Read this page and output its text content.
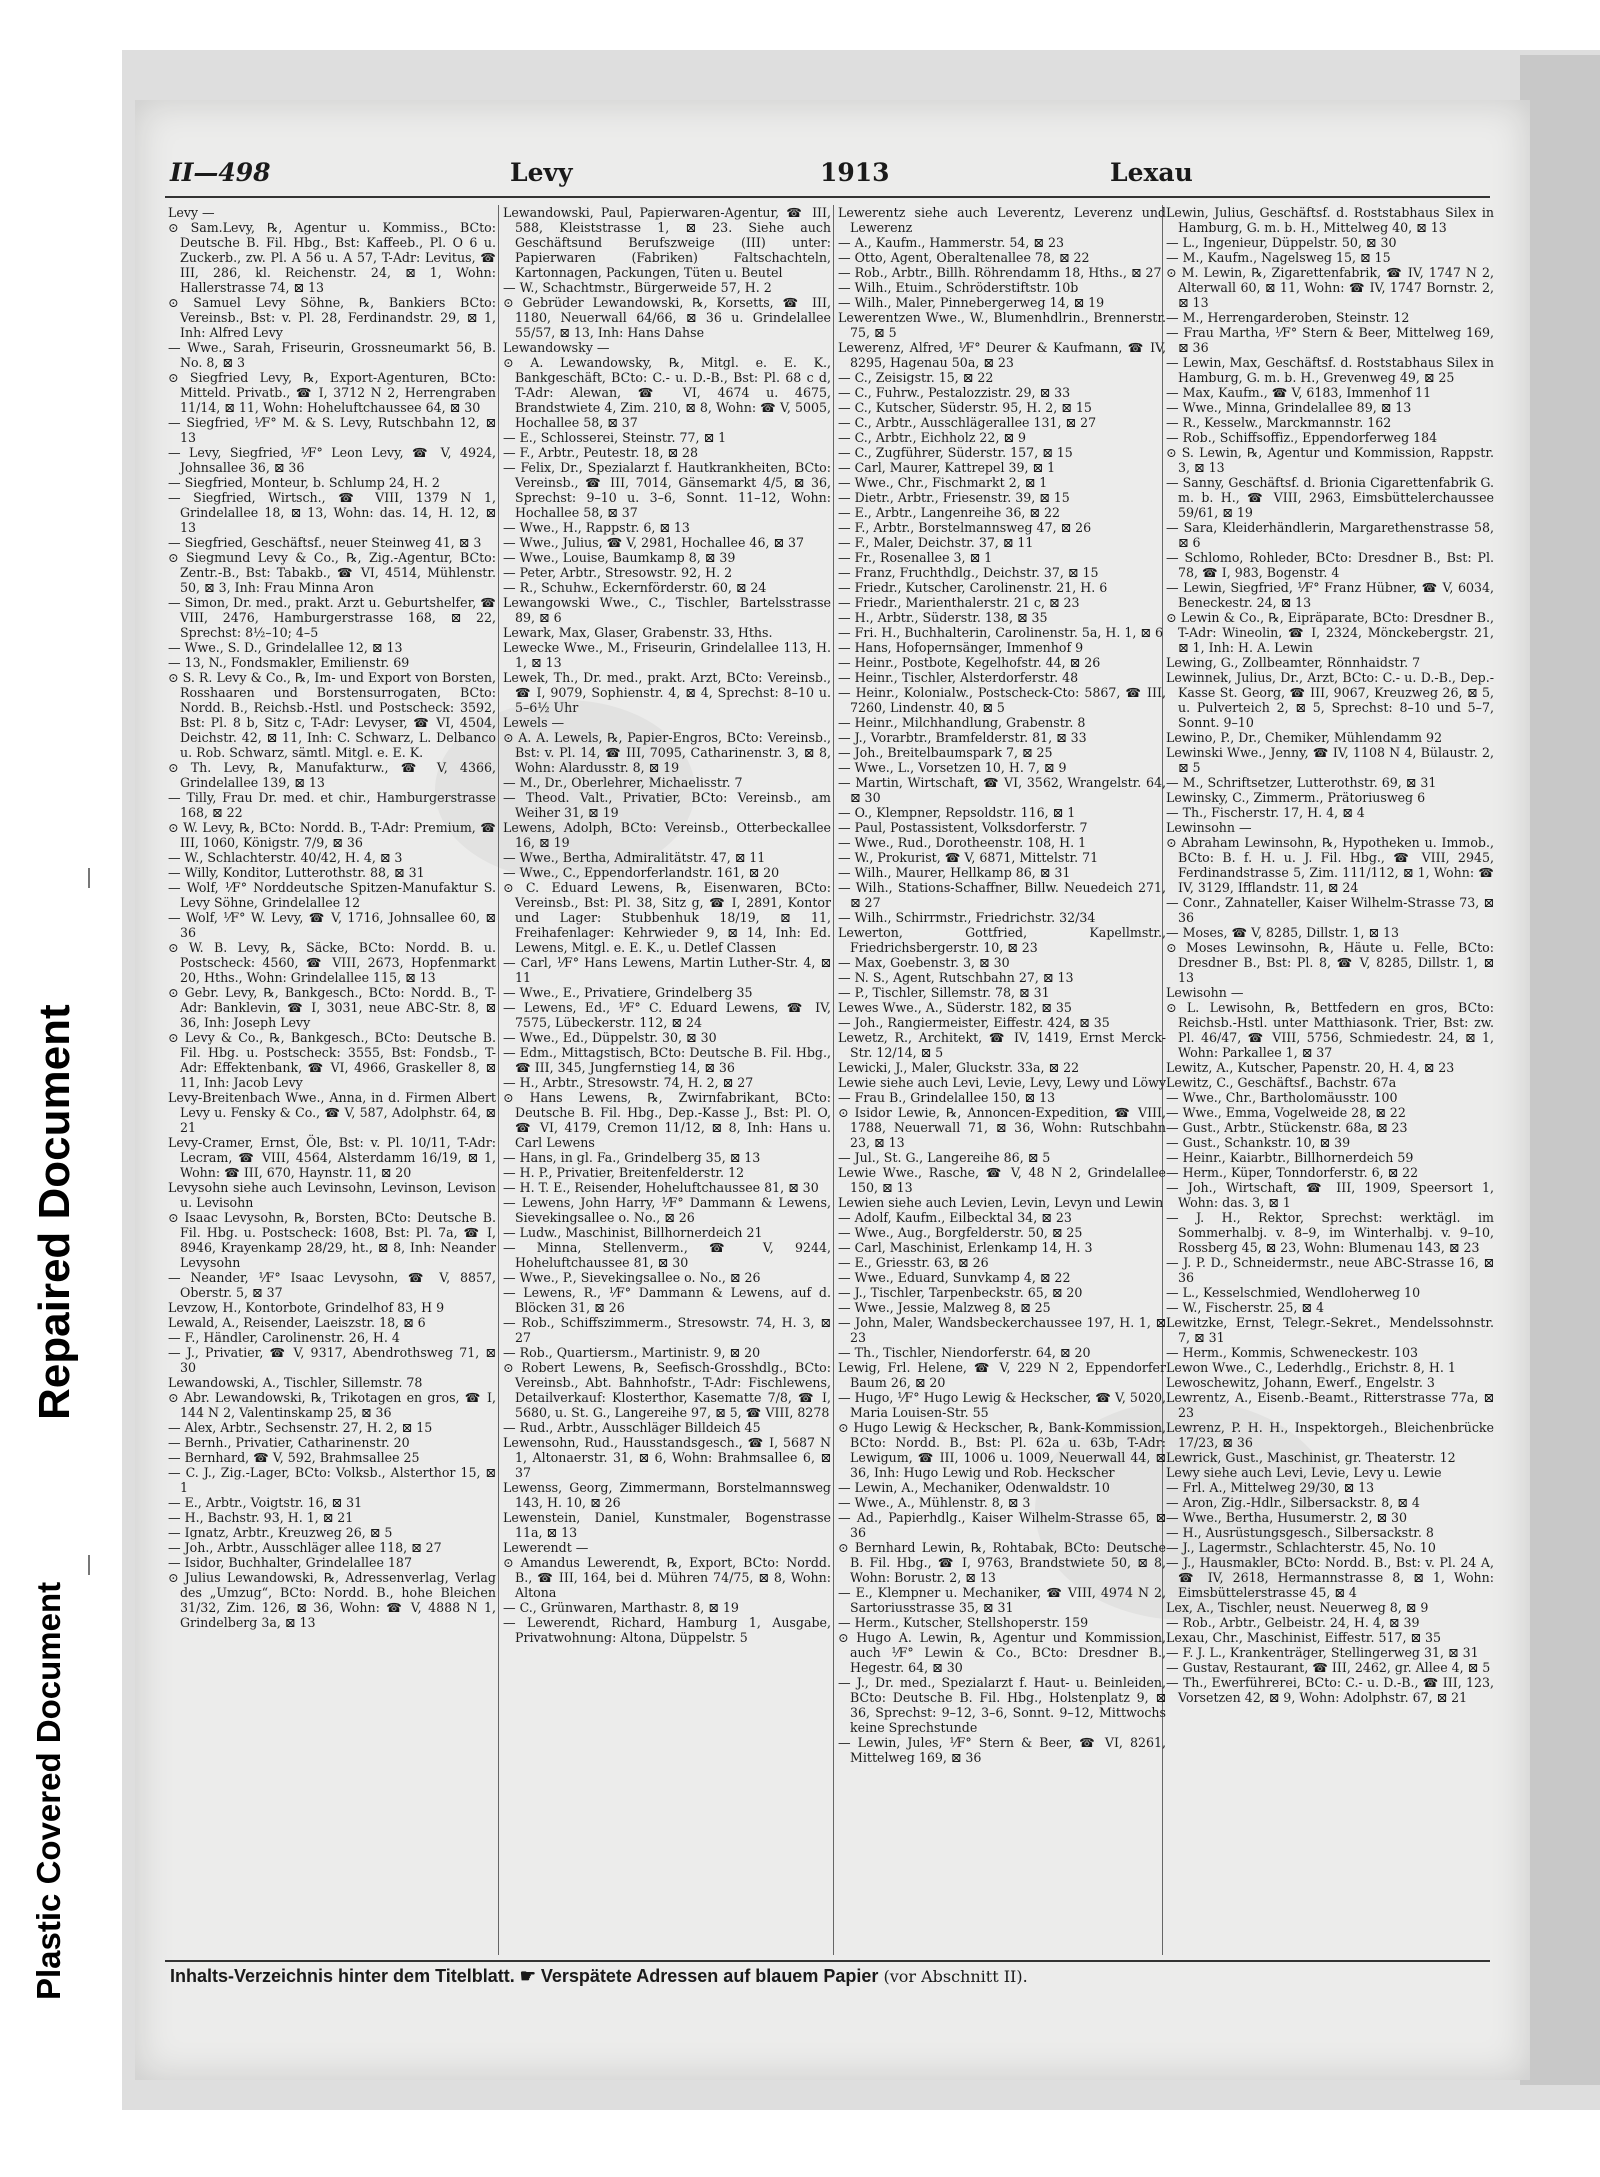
Repaired Document
Plastic Covered Document
II—498	Levy	1913	Lexau

Levy —

⊙ Sam.Levy, ℞, Agentur u. Kommiss., BCto: Deutsche B. Fil. Hbg., Bst: Kaffeeb., Pl. O 6 u. Zuckerb., zw. Pl. A 56 u. A 57, T-Adr: Levitus, ☎ III, 286, kl. Reichenstr. 24, ⊠ 1, Wohn: Hallerstrasse 74, ⊠ 13

⊙ Samuel Levy Söhne, ℞, Bankiers BCto: Vereinsb., Bst: v. Pl. 28, Ferdinandstr. 29, ⊠ 1, Inh: Alfred Levy

— Wwe., Sarah, Friseurin, Grossneumarkt 56, B. No. 8, ⊠ 3

⊙ Siegfried Levy, ℞, Export-Agenturen, BCto: Mitteld. Privatb., ☎ I, 3712 N 2, Herrengraben 11/14, ⊠ 11, Wohn: Hoheluftchaussee 64, ⊠ 30

— Siegfried, ⅟F° M. & S. Levy, Rutschbahn 12, ⊠ 13

— Levy, Siegfried, ⅟F° Leon Levy, ☎ V, 4924, Johnsallee 36, ⊠ 36

— Siegfried, Monteur, b. Schlump 24, H. 2

— Siegfried, Wirtsch., ☎ VIII, 1379 N 1, Grindelallee 18, ⊠ 13, Wohn: das. 14, H. 12, ⊠ 13

— Siegfried, Geschäftsf., neuer Steinweg 41, ⊠ 3

⊙ Siegmund Levy & Co., ℞, Zig.-Agentur, BCto: Zentr.-B., Bst: Tabakb., ☎ VI, 4514, Mühlenstr. 50, ⊠ 3, Inh: Frau Minna Aron

— Simon, Dr. med., prakt. Arzt u. Geburtshelfer, ☎ VIII, 2476, Hamburgerstrasse 168, ⊠ 22, Sprechst: 8½–10; 4–5

— Wwe., S. D., Grindelallee 12, ⊠ 13

— 13, N., Fondsmakler, Emilienstr. 69

⊙ S. R. Levy & Co., ℞, Im- und Export von Borsten, Rosshaaren und Borstensurrogaten, BCto: Nordd. B., Reichsb.-Hstl. und Postscheck: 3592, Bst: Pl. 8 b, Sitz c, T-Adr: Levyser, ☎ VI, 4504, Deichstr. 42, ⊠ 11, Inh: C. Schwarz, L. Delbanco u. Rob. Schwarz, sämtl. Mitgl. e. E. K.

⊙ Th. Levy, ℞, Manufakturw., ☎ V, 4366, Grindelallee 139, ⊠ 13

— Tilly, Frau Dr. med. et chir., Hamburgerstrasse 168, ⊠ 22

⊙ W. Levy, ℞, BCto: Nordd. B., T-Adr: Premium, ☎ III, 1060, Königstr. 7/9, ⊠ 36

— W., Schlachterstr. 40/42, H. 4, ⊠ 3

— Willy, Konditor, Lutterothstr. 88, ⊠ 31

— Wolf, ⅟F° Norddeutsche Spitzen-Manufaktur S. Levy Söhne, Grindelallee 12

— Wolf, ⅟F° W. Levy, ☎ V, 1716, Johnsallee 60, ⊠ 36

⊙ W. B. Levy, ℞, Säcke, BCto: Nordd. B. u. Postscheck: 4560, ☎ VIII, 2673, Hopfenmarkt 20, Hths., Wohn: Grindelallee 115, ⊠ 13

⊙ Gebr. Levy, ℞, Bankgesch., BCto: Nordd. B., T-Adr: Banklevin, ☎ I, 3031, neue ABC-Str. 8, ⊠ 36, Inh: Joseph Levy

⊙ Levy & Co., ℞, Bankgesch., BCto: Deutsche B. Fil. Hbg. u. Postscheck: 3555, Bst: Fondsb., T-Adr: Effektenbank, ☎ VI, 4966, Graskeller 8, ⊠ 11, Inh: Jacob Levy

Levy-Breitenbach Wwe., Anna, in d. Firmen Albert Levy u. Fensky & Co., ☎ V, 587, Adolphstr. 64, ⊠ 21

Levy-Cramer, Ernst, Öle, Bst: v. Pl. 10/11, T-Adr: Lecram, ☎ VIII, 4564, Alsterdamm 16/19, ⊠ 1, Wohn: ☎ III, 670, Haynstr. 11, ⊠ 20

Levysohn siehe auch Levinsohn, Levinson, Levison u. Levisohn

⊙ Isaac Levysohn, ℞, Borsten, BCto: Deutsche B. Fil. Hbg. u. Postscheck: 1608, Bst: Pl. 7a, ☎ I, 8946, Krayenkamp 28/29, ht., ⊠ 8, Inh: Neander Levysohn

— Neander, ⅟F° Isaac Levysohn, ☎ V, 8857, Oberstr. 5, ⊠ 37

Levzow, H., Kontorbote, Grindelhof 83, H 9

Lewald, A., Reisender, Laeiszstr. 18, ⊠ 6

— F., Händler, Carolinenstr. 26, H. 4

— J., Privatier, ☎ V, 9317, Abendrothsweg 71, ⊠ 30

Lewandowski, A., Tischler, Sillemstr. 78

⊙ Abr. Lewandowski, ℞, Trikotagen en gros, ☎ I, 144 N 2, Valentinskamp 25, ⊠ 36

— Alex, Arbtr., Sechsenstr. 27, H. 2, ⊠ 15

— Bernh., Privatier, Catharinenstr. 20

— Bernhard, ☎ V, 592, Brahmsallee 25

— C. J., Zig.-Lager, BCto: Volksb., Alsterthor 15, ⊠ 1

— E., Arbtr., Voigtstr. 16, ⊠ 31

— H., Bachstr. 93, H. 1, ⊠ 21

— Ignatz, Arbtr., Kreuzweg 26, ⊠ 5

— Joh., Arbtr., Ausschläger allee 118, ⊠ 27

— Isidor, Buchhalter, Grindelallee 187

⊙ Julius Lewandowski, ℞, Adressenverlag, Verlag des „Umzug“, BCto: Nordd. B., hohe Bleichen 31/32, Zim. 126, ⊠ 36, Wohn: ☎ V, 4888 N 1, Grindelberg 3a, ⊠ 13

Lewandowski, Paul, Papierwaren-Agentur, ☎ III, 588, Kleiststrasse 1, ⊠ 23. Siehe auch Geschäftsund Berufszweige (III) unter: Papierwaren (Fabriken) Faltschachteln, Kartonnagen, Packungen, Tüten u. Beutel

— W., Schachtmstr., Bürgerweide 57, H. 2

⊙ Gebrüder Lewandowski, ℞, Korsetts, ☎ III, 1180, Neuerwall 64/66, ⊠ 36 u. Grindelallee 55/57, ⊠ 13, Inh: Hans Dahse

Lewandowsky —

⊙ A. Lewandowsky, ℞, Mitgl. e. E. K., Bankgeschäft, BCto: C.- u. D.-B., Bst: Pl. 68 c d, T-Adr: Alewan, ☎ VI, 4674 u. 4675, Brandstwiete 4, Zim. 210, ⊠ 8, Wohn: ☎ V, 5005, Hochallee 58, ⊠ 37

— E., Schlosserei, Steinstr. 77, ⊠ 1

— F., Arbtr., Peutestr. 18, ⊠ 28

— Felix, Dr., Spezialarzt f. Hautkrankheiten, BCto: Vereinsb., ☎ III, 7014, Gänsemarkt 4/5, ⊠ 36, Sprechst: 9–10 u. 3–6, Sonnt. 11–12, Wohn: Hochallee 58, ⊠ 37

— Wwe., H., Rappstr. 6, ⊠ 13

— Wwe., Julius, ☎ V, 2981, Hochallee 46, ⊠ 37

— Wwe., Louise, Baumkamp 8, ⊠ 39

— Peter, Arbtr., Stresowstr. 92, H. 2

— R., Schuhw., Eckernförderstr. 60, ⊠ 24

Lewangowski Wwe., C., Tischler, Bartelsstrasse 89, ⊠ 6

Lewark, Max, Glaser, Grabenstr. 33, Hths.

Lewecke Wwe., M., Friseurin, Grindelallee 113, H. 1, ⊠ 13

Lewek, Th., Dr. med., prakt. Arzt, BCto: Vereinsb., ☎ I, 9079, Sophienstr. 4, ⊠ 4, Sprechst: 8–10 u. 5–6½ Uhr

Lewels —

⊙ A. A. Lewels, ℞, Papier-Engros, BCto: Vereinsb., Bst: v. Pl. 14, ☎ III, 7095, Catharinenstr. 3, ⊠ 8, Wohn: Alardusstr. 8, ⊠ 19

— M., Dr., Oberlehrer, Michaelisstr. 7

— Theod. Valt., Privatier, BCto: Vereinsb., am Weiher 31, ⊠ 19

Lewens, Adolph, BCto: Vereinsb., Otterbeckallee 16, ⊠ 19

— Wwe., Bertha, Admiralitätstr. 47, ⊠ 11

— Wwe., C., Eppendorferlandstr. 161, ⊠ 20

⊙ C. Eduard Lewens, ℞, Eisenwaren, BCto: Vereinsb., Bst: Pl. 38, Sitz g, ☎ I, 2891, Kontor und Lager: Stubbenhuk 18/19, ⊠ 11, Freihafenlager: Kehrwieder 9, ⊠ 14, Inh: Ed. Lewens, Mitgl. e. E. K., u. Detlef Classen

— Carl, ⅟F° Hans Lewens, Martin Luther-Str. 4, ⊠ 11

— Wwe., E., Privatiere, Grindelberg 35

— Lewens, Ed., ⅟F° C. Eduard Lewens, ☎ IV, 7575, Lübeckerstr. 112, ⊠ 24

— Wwe., Ed., Düppelstr. 30, ⊠ 30

— Edm., Mittagstisch, BCto: Deutsche B. Fil. Hbg., ☎ III, 345, Jungfernstieg 14, ⊠ 36

— H., Arbtr., Stresowstr. 74, H. 2, ⊠ 27

⊙ Hans Lewens, ℞, Zwirnfabrikant, BCto: Deutsche B. Fil. Hbg., Dep.-Kasse J., Bst: Pl. O, ☎ VI, 4179, Cremon 11/12, ⊠ 8, Inh: Hans u. Carl Lewens

— Hans, in gl. Fa., Grindelberg 35, ⊠ 13

— H. P., Privatier, Breitenfelderstr. 12

— H. T. E., Reisender, Hoheluftchaussee 81, ⊠ 30

— Lewens, John Harry, ⅟F° Dammann & Lewens, Sievekingsallee o. No., ⊠ 26

— Ludw., Maschinist, Billhornerdeich 21

— Minna, Stellenverm., ☎ V, 9244, Hoheluftchaussee 81, ⊠ 30

— Wwe., P., Sievekingsallee o. No., ⊠ 26

— Lewens, R., ⅟F° Dammann & Lewens, auf d. Blöcken 31, ⊠ 26

— Rob., Schiffszimmerm., Stresowstr. 74, H. 3, ⊠ 27

— Rob., Quartiersm., Martinistr. 9, ⊠ 20

⊙ Robert Lewens, ℞, Seefisch-Grosshdlg., BCto: Vereinsb., Abt. Bahnhofstr., T-Adr: Fischlewens, Detailverkauf: Klosterthor, Kasematte 7/8, ☎ I, 5680, u. St. G., Langereihe 97, ⊠ 5, ☎ VIII, 8278

— Rud., Arbtr., Ausschläger Billdeich 45

Lewensohn, Rud., Hausstandsgesch., ☎ I, 5687 N 1, Altonaerstr. 31, ⊠ 6, Wohn: Brahmsallee 6, ⊠ 37

Lewenss, Georg, Zimmermann, Borstelmannsweg 143, H. 10, ⊠ 26

Lewenstein, Daniel, Kunstmaler, Bogenstrasse 11a, ⊠ 13

Lewerendt —

⊙ Amandus Lewerendt, ℞, Export, BCto: Nordd. B., ☎ III, 164, bei d. Mühren 74/75, ⊠ 8, Wohn: Altona

— C., Grünwaren, Marthastr. 8, ⊠ 19

— Lewerendt, Richard, Hamburg 1, Ausgabe, Privatwohnung: Altona, Düppelstr. 5

Lewerentz siehe auch Leverentz, Leverenz und Lewerenz

— A., Kaufm., Hammerstr. 54, ⊠ 23

— Otto, Agent, Oberaltenallee 78, ⊠ 22

— Rob., Arbtr., Billh. Röhrendamm 18, Hths., ⊠ 27

— Wilh., Etuim., Schröderstiftstr. 10b

— Wilh., Maler, Pinnebergerweg 14, ⊠ 19

Lewerentzen Wwe., W., Blumenhdlrin., Brennerstr. 75, ⊠ 5

Lewerenz, Alfred, ⅟F° Deurer & Kaufmann, ☎ IV, 8295, Hagenau 50a, ⊠ 23

— C., Zeisigstr. 15, ⊠ 22

— C., Fuhrw., Pestalozzistr. 29, ⊠ 33

— C., Kutscher, Süderstr. 95, H. 2, ⊠ 15

— C., Arbtr., Ausschlägerallee 131, ⊠ 27

— C., Arbtr., Eichholz 22, ⊠ 9

— C., Zugführer, Süderstr. 157, ⊠ 15

— Carl, Maurer, Kattrepel 39, ⊠ 1

— Wwe., Chr., Fischmarkt 2, ⊠ 1

— Dietr., Arbtr., Friesenstr. 39, ⊠ 15

— E., Arbtr., Langenreihe 36, ⊠ 22

— F., Arbtr., Borstelmannsweg 47, ⊠ 26

— F., Maler, Deichstr. 37, ⊠ 11

— Fr., Rosenallee 3, ⊠ 1

— Franz, Fruchthdlg., Deichstr. 37, ⊠ 15

— Friedr., Kutscher, Carolinenstr. 21, H. 6

— Friedr., Marienthalerstr. 21 c, ⊠ 23

— H., Arbtr., Süderstr. 138, ⊠ 35

— Fri. H., Buchhalterin, Carolinenstr. 5a, H. 1, ⊠ 6

— Hans, Hofopernsänger, Immenhof 9

— Heinr., Postbote, Kegelhofstr. 44, ⊠ 26

— Heinr., Tischler, Alsterdorferstr. 48

— Heinr., Kolonialw., Postscheck-Cto: 5867, ☎ III, 7260, Lindenstr. 40, ⊠ 5

— Heinr., Milchhandlung, Grabenstr. 8

— J., Vorarbtr., Bramfelderstr. 81, ⊠ 33

— Joh., Breitelbaumspark 7, ⊠ 25

— Wwe., L., Vorsetzen 10, H. 7, ⊠ 9

— Martin, Wirtschaft, ☎ VI, 3562, Wrangelstr. 64, ⊠ 30

— O., Klempner, Repsoldstr. 116, ⊠ 1

— Paul, Postassistent, Volksdorferstr. 7

— Wwe., Rud., Dorotheenstr. 108, H. 1

— W., Prokurist, ☎ V, 6871, Mittelstr. 71

— Wilh., Maurer, Hellkamp 86, ⊠ 31

— Wilh., Stations-Schaffner, Billw. Neuedeich 271, ⊠ 27

— Wilh., Schirrmstr., Friedrichstr. 32/34

Lewerton, Gottfried, Kapellmstr., Friedrichsbergerstr. 10, ⊠ 23

— Max, Goebenstr. 3, ⊠ 30

— N. S., Agent, Rutschbahn 27, ⊠ 13

— P., Tischler, Sillemstr. 78, ⊠ 31

Lewes Wwe., A., Süderstr. 182, ⊠ 35

— Joh., Rangiermeister, Eiffestr. 424, ⊠ 35

Lewetz, R., Architekt, ☎ IV, 1419, Ernst Merck-Str. 12/14, ⊠ 5

Lewicki, J., Maler, Gluckstr. 33a, ⊠ 22

Lewie siehe auch Levi, Levie, Levy, Lewy und Löwy

— Frau B., Grindelallee 150, ⊠ 13

⊙ Isidor Lewie, ℞, Annoncen-Expedition, ☎ VIII, 1788, Neuerwall 71, ⊠ 36, Wohn: Rutschbahn 23, ⊠ 13

— Jul., St. G., Langereihe 86, ⊠ 5

Lewie Wwe., Rasche, ☎ V, 48 N 2, Grindelallee 150, ⊠ 13

Lewien siehe auch Levien, Levin, Levyn und Lewin

— Adolf, Kaufm., Eilbecktal 34, ⊠ 23

— Wwe., Aug., Borgfelderstr. 50, ⊠ 25

— Carl, Maschinist, Erlenkamp 14, H. 3

— E., Griesstr. 63, ⊠ 26

— Wwe., Eduard, Sunvkamp 4, ⊠ 22

— J., Tischler, Tarpenbeckstr. 65, ⊠ 20

— Wwe., Jessie, Malzweg 8, ⊠ 25

— John, Maler, Wandsbeckerchaussee 197, H. 1, ⊠ 23

— Th., Tischler, Niendorferstr. 64, ⊠ 20

Lewig, Frl. Helene, ☎ V, 229 N 2, Eppendorfer Baum 26, ⊠ 20

— Hugo, ⅟F° Hugo Lewig & Heckscher, ☎ V, 5020, Maria Louisen-Str. 55

⊙ Hugo Lewig & Heckscher, ℞, Bank-Kommission, BCto: Nordd. B., Bst: Pl. 62a u. 63b, T-Adr: Lewigum, ☎ III, 1006 u. 1009, Neuerwall 44, ⊠ 36, Inh: Hugo Lewig und Rob. Heckscher

— Lewin, A., Mechaniker, Odenwaldstr. 10

— Wwe., A., Mühlenstr. 8, ⊠ 3

— Ad., Papierhdlg., Kaiser Wilhelm-Strasse 65, ⊠ 36

⊙ Bernhard Lewin, ℞, Rohtabak, BCto: Deutsche B. Fil. Hbg., ☎ I, 9763, Brandstwiete 50, ⊠ 8, Wohn: Borustr. 2, ⊠ 13

— E., Klempner u. Mechaniker, ☎ VIII, 4974 N 2, Sartoriusstrasse 35, ⊠ 31

— Herm., Kutscher, Stellshoperstr. 159

⊙ Hugo A. Lewin, ℞, Agentur und Kommission, auch ⅟F° Lewin & Co., BCto: Dresdner B., Hegestr. 64, ⊠ 30

— J., Dr. med., Spezialarzt f. Haut- u. Beinleiden, BCto: Deutsche B. Fil. Hbg., Holstenplatz 9, ⊠ 36, Sprechst: 9–12, 3–6, Sonnt. 9–12, Mittwochs keine Sprechstunde

— Lewin, Jules, ⅟F° Stern & Beer, ☎ VI, 8261, Mittelweg 169, ⊠ 36

Lewin, Julius, Geschäftsf. d. Roststabhaus Silex in Hamburg, G. m. b. H., Mittelweg 40, ⊠ 13

— L., Ingenieur, Düppelstr. 50, ⊠ 30

— M., Kaufm., Nagelsweg 15, ⊠ 15

⊙ M. Lewin, ℞, Zigarettenfabrik, ☎ IV, 1747 N 2, Alterwall 60, ⊠ 11, Wohn: ☎ IV, 1747 Bornstr. 2, ⊠ 13

— M., Herrengarderoben, Steinstr. 12

— Frau Martha, ⅟F° Stern & Beer, Mittelweg 169, ⊠ 36

— Lewin, Max, Geschäftsf. d. Roststabhaus Silex in Hamburg, G. m. b. H., Grevenweg 49, ⊠ 25

— Max, Kaufm., ☎ V, 6183, Immenhof 11

— Wwe., Minna, Grindelallee 89, ⊠ 13

— R., Kesselw., Marckmannstr. 162

— Rob., Schiffsoffiz., Eppendorferweg 184

⊙ S. Lewin, ℞, Agentur und Kommission, Rappstr. 3, ⊠ 13

— Sanny, Geschäftsf. d. Brionia Cigarettenfabrik G. m. b. H., ☎ VIII, 2963, Eimsbüttelerchaussee 59/61, ⊠ 19

— Sara, Kleiderhändlerin, Margarethenstrasse 58, ⊠ 6

— Schlomo, Rohleder, BCto: Dresdner B., Bst: Pl. 78, ☎ I, 983, Bogenstr. 4

— Lewin, Siegfried, ⅟F° Franz Hübner, ☎ V, 6034, Beneckestr. 24, ⊠ 13

⊙ Lewin & Co., ℞, Eipräparate, BCto: Dresdner B., T-Adr: Wineolin, ☎ I, 2324, Mönckebergstr. 21, ⊠ 1, Inh: H. A. Lewin

Lewing, G., Zollbeamter, Rönnhaidstr. 7

Lewinnek, Julius, Dr., Arzt, BCto: C.- u. D.-B., Dep.-Kasse St. Georg, ☎ III, 9067, Kreuzweg 26, ⊠ 5, u. Pulverteich 2, ⊠ 5, Sprechst: 8–10 und 5–7, Sonnt. 9–10

Lewino, P., Dr., Chemiker, Mühlendamm 92

Lewinski Wwe., Jenny, ☎ IV, 1108 N 4, Bülaustr. 2, ⊠ 5

— M., Schriftsetzer, Lutterothstr. 69, ⊠ 31

Lewinsky, C., Zimmerm., Prätoriusweg 6

— Th., Fischerstr. 17, H. 4, ⊠ 4

Lewinsohn —

⊙ Abraham Lewinsohn, ℞, Hypotheken u. Immob., BCto: B. f. H. u. J. Fil. Hbg., ☎ VIII, 2945, Ferdinandstrasse 5, Zim. 111/112, ⊠ 1, Wohn: ☎ IV, 3129, Ifflandstr. 11, ⊠ 24

— Conr., Zahnateller, Kaiser Wilhelm-Strasse 73, ⊠ 36

— Moses, ☎ V, 8285, Dillstr. 1, ⊠ 13

⊙ Moses Lewinsohn, ℞, Häute u. Felle, BCto: Dresdner B., Bst: Pl. 8, ☎ V, 8285, Dillstr. 1, ⊠ 13

Lewisohn —

⊙ L. Lewisohn, ℞, Bettfedern en gros, BCto: Reichsb.-Hstl. unter Matthiasonk. Trier, Bst: zw. Pl. 46/47, ☎ VIII, 5756, Schmiedestr. 24, ⊠ 1, Wohn: Parkallee 1, ⊠ 37

Lewitz, A., Kutscher, Papenstr. 20, H. 4, ⊠ 23

Lewitz, C., Geschäftsf., Bachstr. 67a

— Wwe., Chr., Bartholomäusstr. 100

— Wwe., Emma, Vogelweide 28, ⊠ 22

— Gust., Arbtr., Stückenstr. 68a, ⊠ 23

— Gust., Schankstr. 10, ⊠ 39

— Heinr., Kaiarbtr., Billhornerdeich 59

— Herm., Küper, Tonndorferstr. 6, ⊠ 22

— Joh., Wirtschaft, ☎ III, 1909, Speersort 1, Wohn: das. 3, ⊠ 1

— J. H., Rektor, Sprechst: werktägl. im Sommerhalbj. v. 8–9, im Winterhalbj. v. 9–10, Rossberg 45, ⊠ 23, Wohn: Blumenau 143, ⊠ 23

— J. P. D., Schneidermstr., neue ABC-Strasse 16, ⊠ 36

— L., Kesselschmied, Wendloherweg 10

— W., Fischerstr. 25, ⊠ 4

Lewitzke, Ernst, Telegr.-Sekret., Mendelssohnstr. 7, ⊠ 31

— Herm., Kommis, Schweneckestr. 103

Lewon Wwe., C., Lederhdlg., Erichstr. 8, H. 1

Lewoschewitz, Johann, Ewerf., Engelstr. 3

Lewrentz, A., Eisenb.-Beamt., Ritterstrasse 77a, ⊠ 23

Lewrenz, P. H. H., Inspektorgeh., Bleichenbrücke 17/23, ⊠ 36

Lewrick, Gust., Maschinist, gr. Theaterstr. 12

Lewy siehe auch Levi, Levie, Levy u. Lewie

— Frl. A., Mittelweg 29/30, ⊠ 13

— Aron, Zig.-Hdlr., Silbersackstr. 8, ⊠ 4

— Wwe., Bertha, Husumerstr. 2, ⊠ 30

— H., Ausrüstungsgesch., Silbersackstr. 8

— J., Lagermstr., Schlachterstr. 45, No. 10

— J., Hausmakler, BCto: Nordd. B., Bst: v. Pl. 24 A, ☎ IV, 2618, Hermannstrasse 8, ⊠ 1, Wohn: Eimsbüttelerstrasse 45, ⊠ 4

Lex, A., Tischler, neust. Neuerweg 8, ⊠ 9

— Rob., Arbtr., Gelbeistr. 24, H. 4, ⊠ 39

Lexau, Chr., Maschinist, Eiffestr. 517, ⊠ 35

— F. J. L., Krankenträger, Stellingerweg 31, ⊠ 31

— Gustav, Restaurant, ☎ III, 2462, gr. Allee 4, ⊠ 5

— Th., Ewerführerei, BCto: C.- u. D.-B., ☎ III, 123, Vorsetzen 42, ⊠ 9, Wohn: Adolphstr. 67, ⊠ 21

Inhalts-Verzeichnis hinter dem Titelblatt. ☛ Verspätete Adressen auf blauem Papier (vor Abschnitt II).
